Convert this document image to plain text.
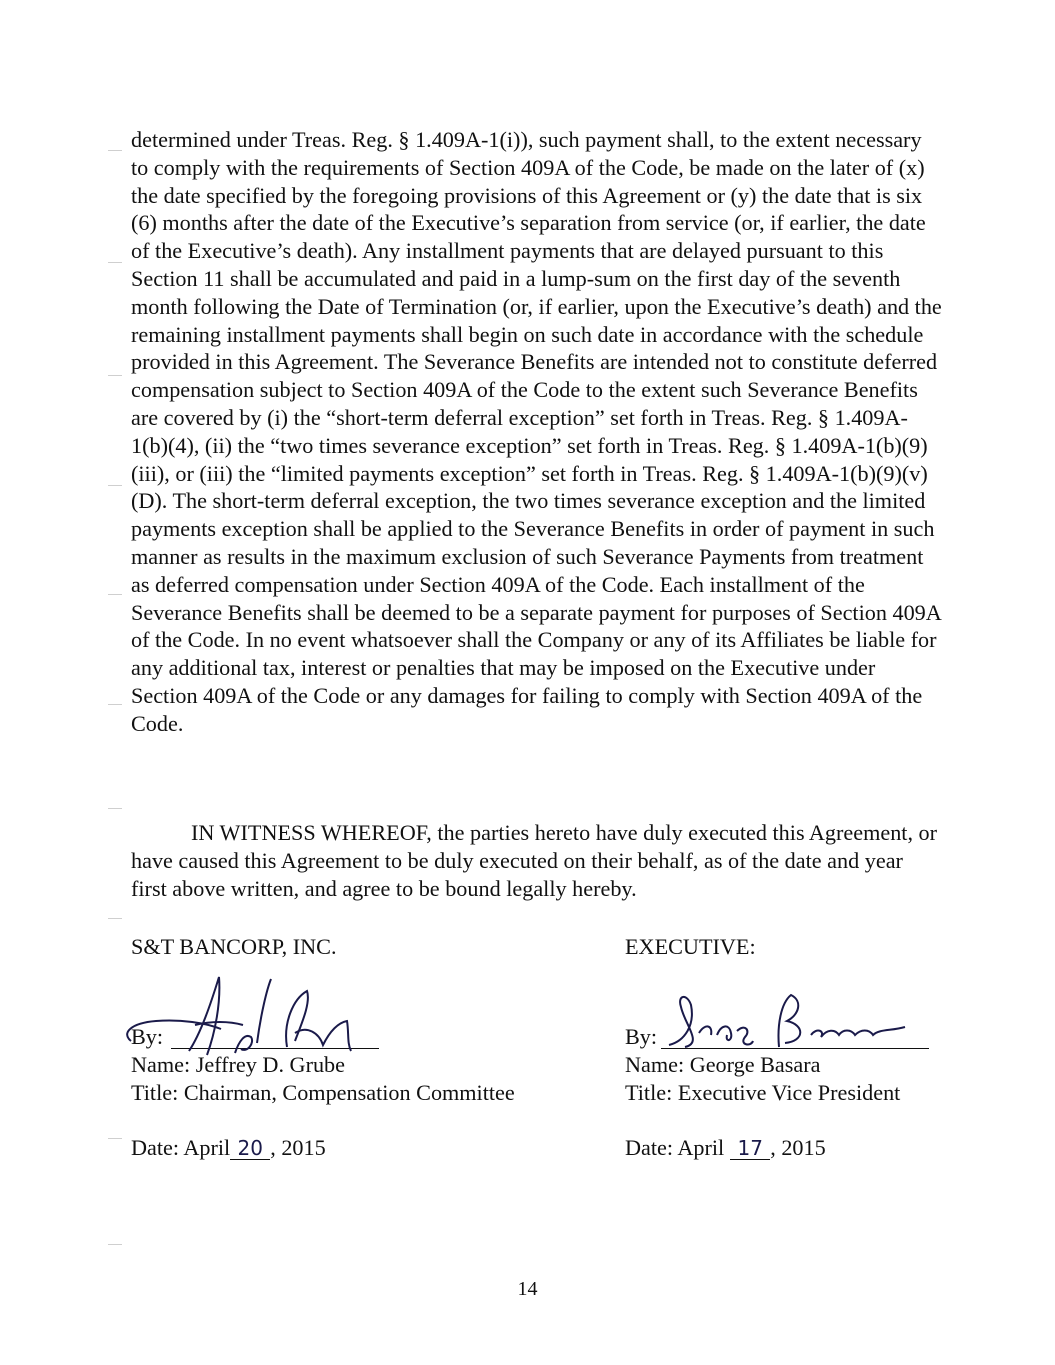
determined under Treas. Reg. § 1.409A-1(i)), such payment shall, to the extent necessary to comply with the requirements of Section 409A of the Code, be made on the later of (x) the date specified by the foregoing provisions of this Agreement or (y) the date that is six (6) months after the date of the Executive’s separation from service (or, if earlier, the date of the Executive’s death). Any installment payments that are delayed pursuant to this Section 11 shall be accumulated and paid in a lump-sum on the first day of the seventh month following the Date of Termination (or, if earlier, upon the Executive’s death) and the remaining installment payments shall begin on such date in accordance with the schedule provided in this Agreement. The Severance Benefits are intended not to constitute deferred compensation subject to Section 409A of the Code to the extent such Severance Benefits are covered by (i) the “short-term deferral exception” set forth in Treas. Reg. § 1.409A-1(b)(4), (ii) the “two times severance exception” set forth in Treas. Reg. § 1.409A-1(b)(9)(iii), or (iii) the “limited payments exception” set forth in Treas. Reg. § 1.409A-1(b)(9)(v)(D). The short-term deferral exception, the two times severance exception and the limited payments exception shall be applied to the Severance Benefits in order of payment in such manner as results in the maximum exclusion of such Severance Payments from treatment as deferred compensation under Section 409A of the Code. Each installment of the Severance Benefits shall be deemed to be a separate payment for purposes of Section 409A of the Code. In no event whatsoever shall the Company or any of its Affiliates be liable for any additional tax, interest or penalties that may be imposed on the Executive under Section 409A of the Code or any damages for failing to comply with Section 409A of the Code.

IN WITNESS WHEREOF, the parties hereto have duly executed this Agreement, or have caused this Agreement to be duly executed on their behalf, as of the date and year first above written, and agree to be bound legally hereby.

S&T BANCORP, INC.
By:
Name: Jeffrey D. Grube
Title: Chairman, Compensation Committee
Date: April 20 , 2015
EXECUTIVE:
By:
Name: George Basara
Title: Executive Vice President
Date: April 17 , 2015
14
